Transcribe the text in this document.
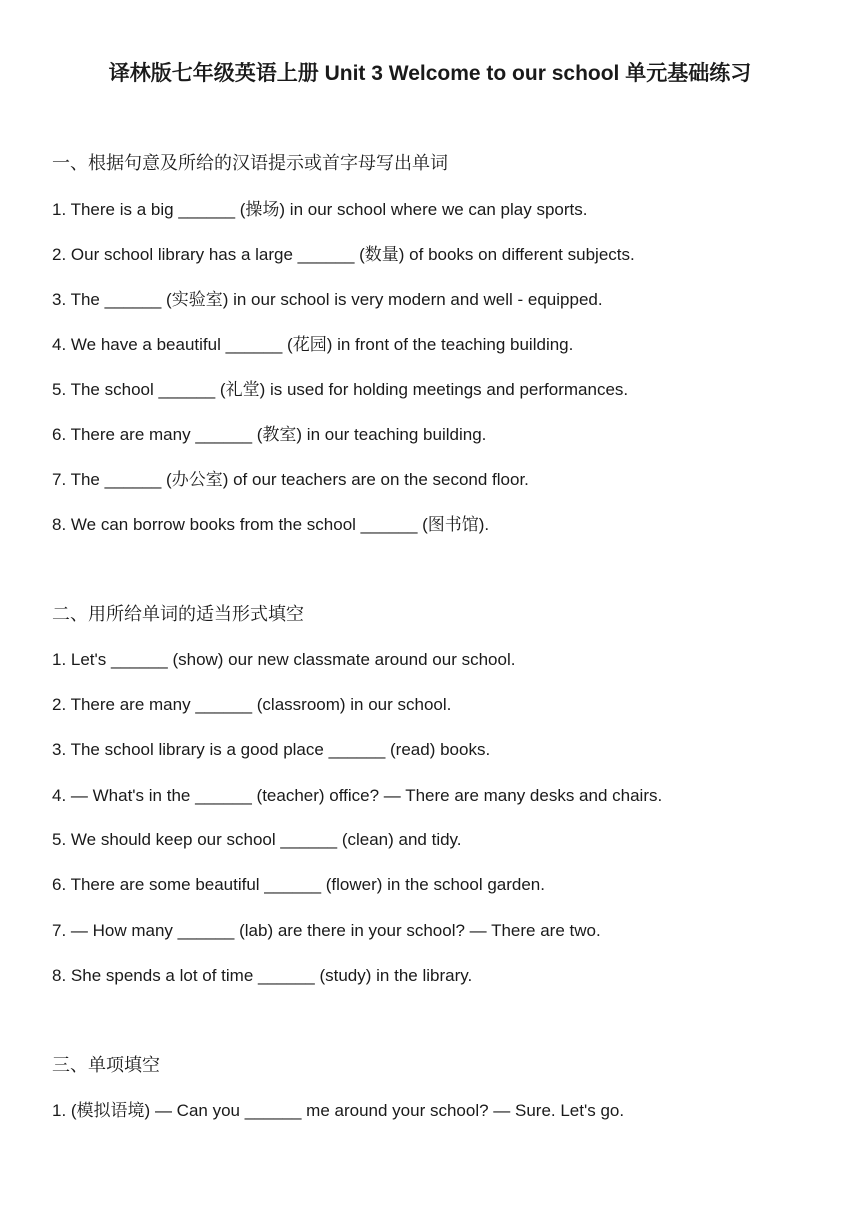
译林版七年级英语上册 Unit 3 Welcome to our school 单元基础练习
一、根据句意及所给的汉语提示或首字母写出单词
1. There is a big ______ (操场) in our school where we can play sports.
2. Our school library has a large ______ (数量) of books on different subjects.
3. The ______ (实验室) in our school is very modern and well - equipped.
4. We have a beautiful ______ (花园) in front of the teaching building.
5. The school ______ (礼堂) is used for holding meetings and performances.
6. There are many ______ (教室) in our teaching building.
7. The ______ (办公室) of our teachers are on the second floor.
8. We can borrow books from the school ______ (图书馆).
二、用所给单词的适当形式填空
1. Let's ______ (show) our new classmate around our school.
2. There are many ______ (classroom) in our school.
3. The school library is a good place ______ (read) books.
4. — What's in the ______ (teacher) office? — There are many desks and chairs.
5. We should keep our school ______ (clean) and tidy.
6. There are some beautiful ______ (flower) in the school garden.
7. — How many ______ (lab) are there in your school? — There are two.
8. She spends a lot of time ______ (study) in the library.
三、单项填空
1. (模拟语境) — Can you ______ me around your school? — Sure. Let's go.
